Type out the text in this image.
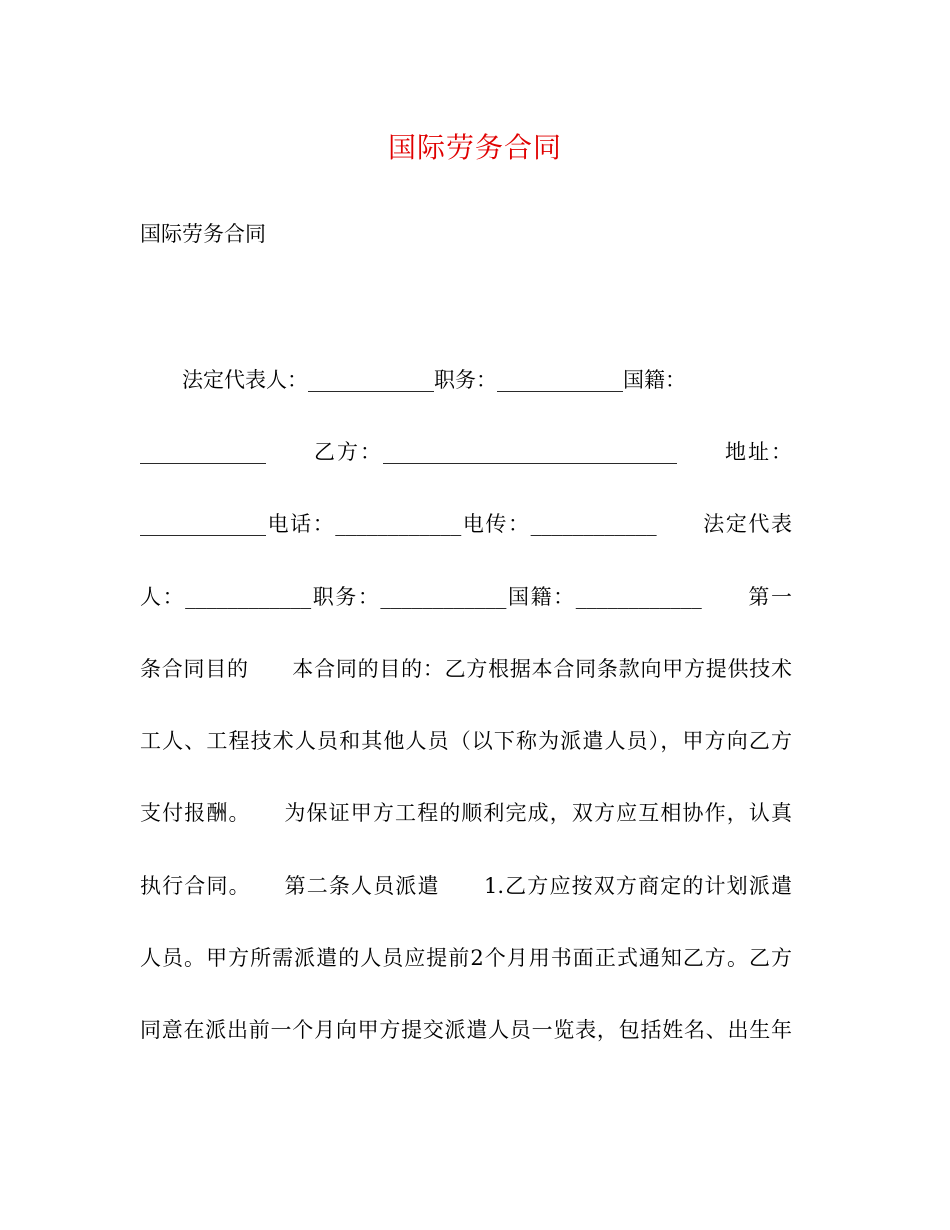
国际劳务合同

国际劳务合同

法定代表人：____________职务：____________国籍：
____________　　乙方：____________________________　　地址：
____________电话：____________电传：____________　　法定代表
人：____________职务：____________国籍：____________　　第一
条合同目的　　本合同的目的：乙方根据本合同条款向甲方提供技术
工人、工程技术人员和其他人员（以下称为派遣人员），甲方向乙方
支付报酬。　　为保证甲方工程的顺利完成，双方应互相协作，认真
执行合同。　　第二条人员派遣　　1.乙方应按双方商定的计划派遣
人员。甲方所需派遣的人员应提前2个月用书面正式通知乙方。乙方
同意在派出前一个月向甲方提交派遣人员一览表，包括姓名、出生年
